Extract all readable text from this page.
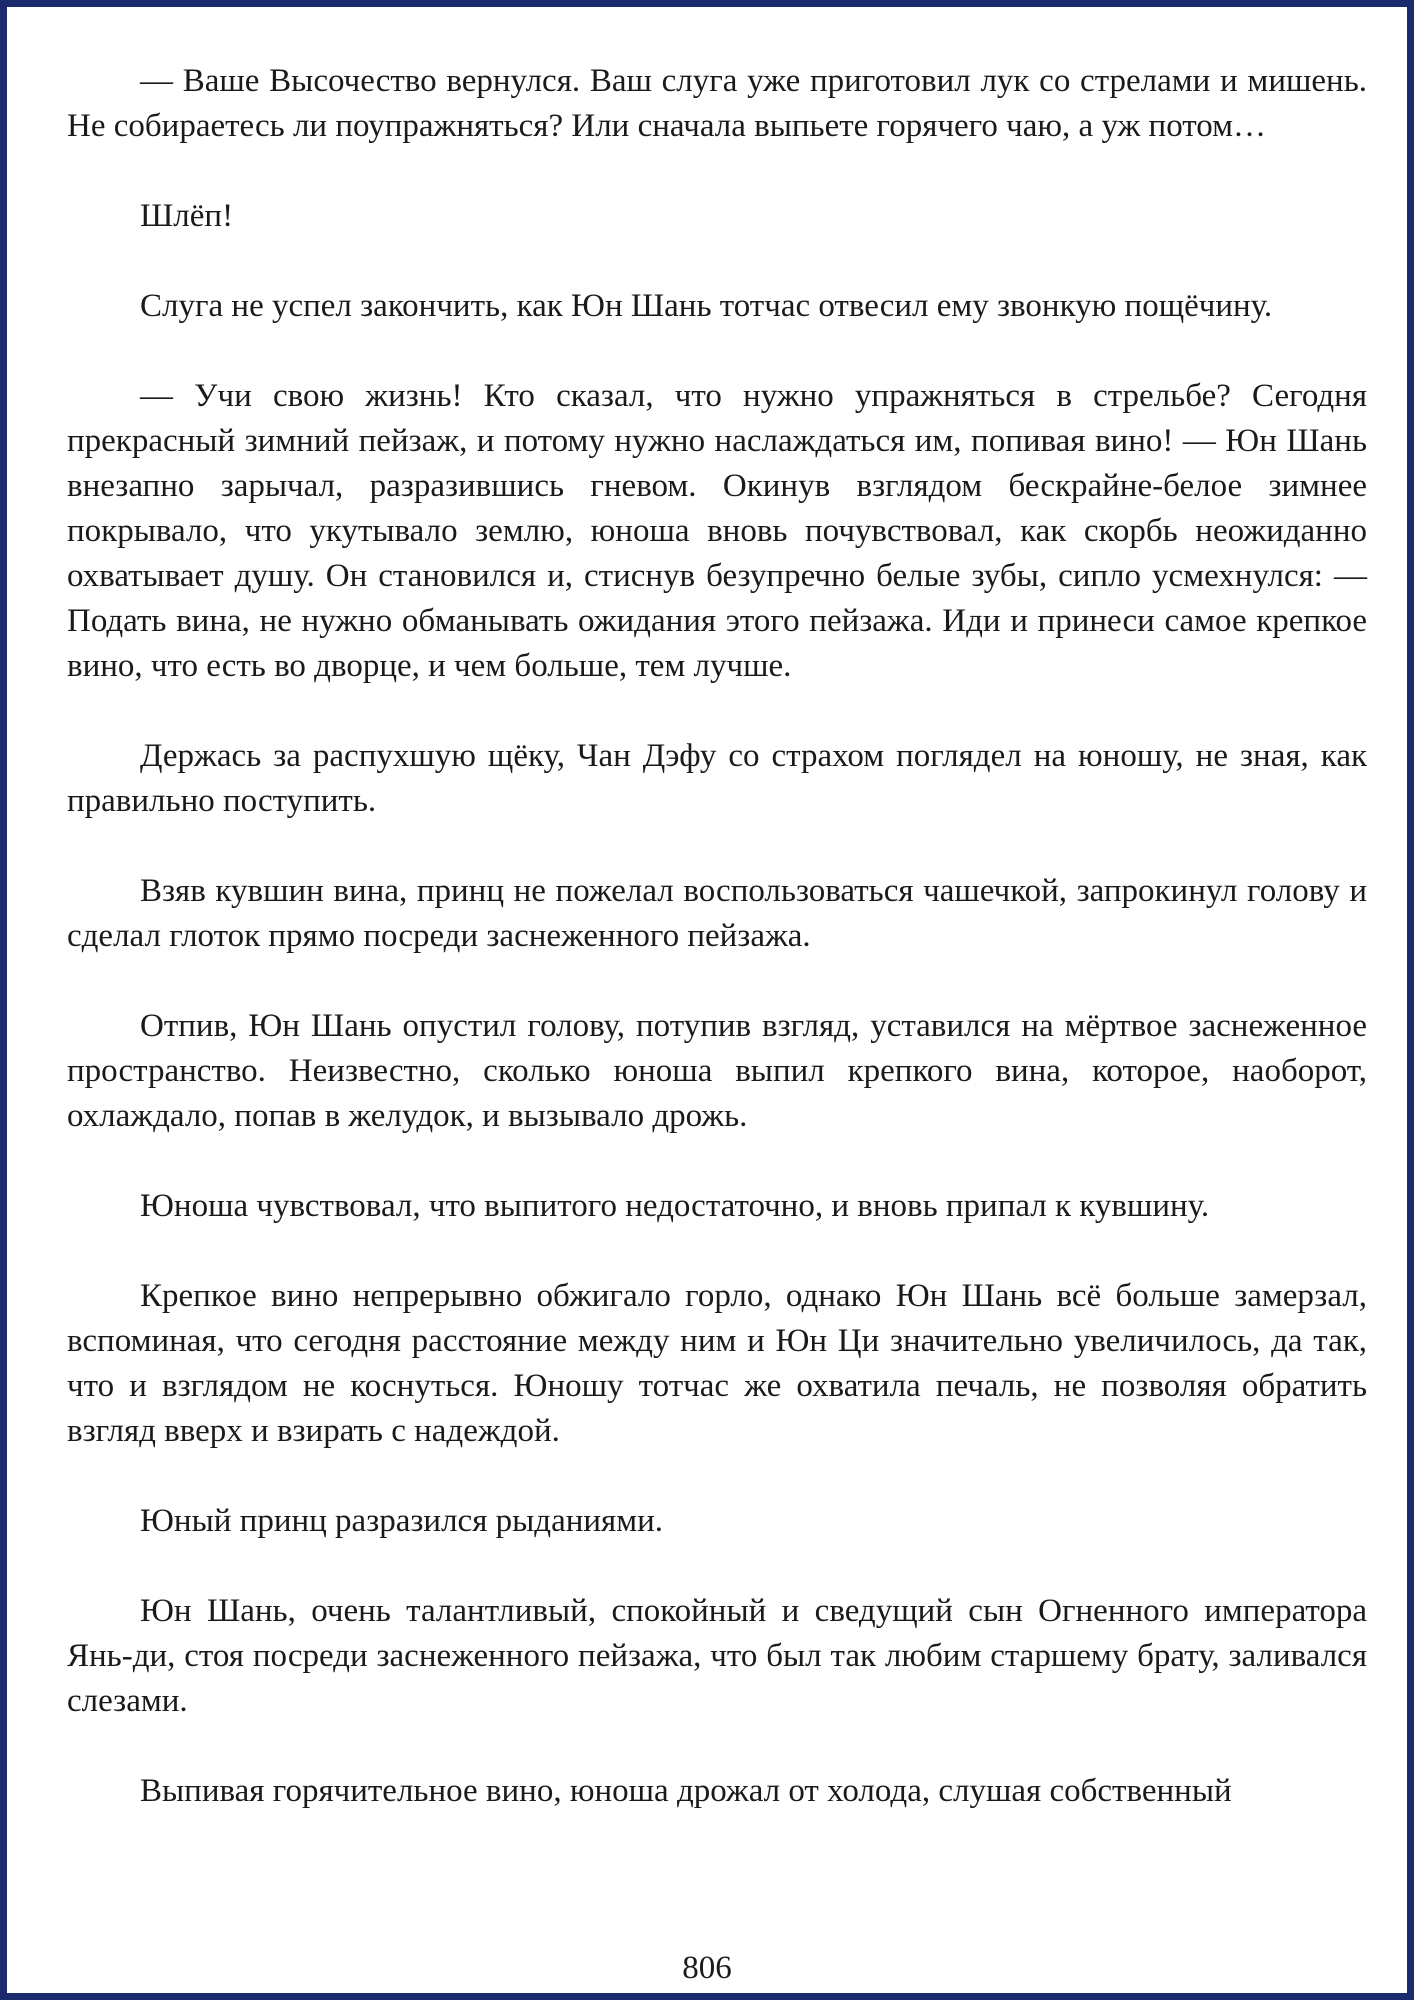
— Ваше Высочество вернулся. Ваш слуга уже приготовил лук со стрелами и мишень. Не собираетесь ли поупражняться? Или сначала выпьете горячего чаю, а уж потом…

Шлёп!

Слуга не успел закончить, как Юн Шань тотчас отвесил ему звонкую пощёчину.

— Учи свою жизнь! Кто сказал, что нужно упражняться в стрельбе? Сегодня прекрасный зимний пейзаж, и потому нужно наслаждаться им, попивая вино! — Юн Шань внезапно зарычал, разразившись гневом. Окинув взглядом бескрайне-белое зимнее покрывало, что укутывало землю, юноша вновь почувствовал, как скорбь неожиданно охватывает душу. Он становился и, стиснув безупречно белые зубы, сипло усмехнулся: — Подать вина, не нужно обманывать ожидания этого пейзажа. Иди и принеси самое крепкое вино, что есть во дворце, и чем больше, тем лучше.

Держась за распухшую щёку, Чан Дэфу со страхом поглядел на юношу, не зная, как правильно поступить.

Взяв кувшин вина, принц не пожелал воспользоваться чашечкой, запрокинул голову и сделал глоток прямо посреди заснеженного пейзажа.

Отпив, Юн Шань опустил голову, потупив взгляд, уставился на мёртвое заснеженное пространство. Неизвестно, сколько юноша выпил крепкого вина, которое, наоборот, охлаждало, попав в желудок, и вызывало дрожь.

Юноша чувствовал, что выпитого недостаточно, и вновь припал к кувшину.

Крепкое вино непрерывно обжигало горло, однако Юн Шань всё больше замерзал, вспоминая, что сегодня расстояние между ним и Юн Ци значительно увеличилось, да так, что и взглядом не коснуться. Юношу тотчас же охватила печаль, не позволяя обратить взгляд вверх и взирать с надеждой.

Юный принц разразился рыданиями.

Юн Шань, очень талантливый, спокойный и сведущий сын Огненного императора Янь-ди, стоя посреди заснеженного пейзажа, что был так любим старшему брату, заливался слезами.

Выпивая горячительное вино, юноша дрожал от холода, слушая собственный

806
